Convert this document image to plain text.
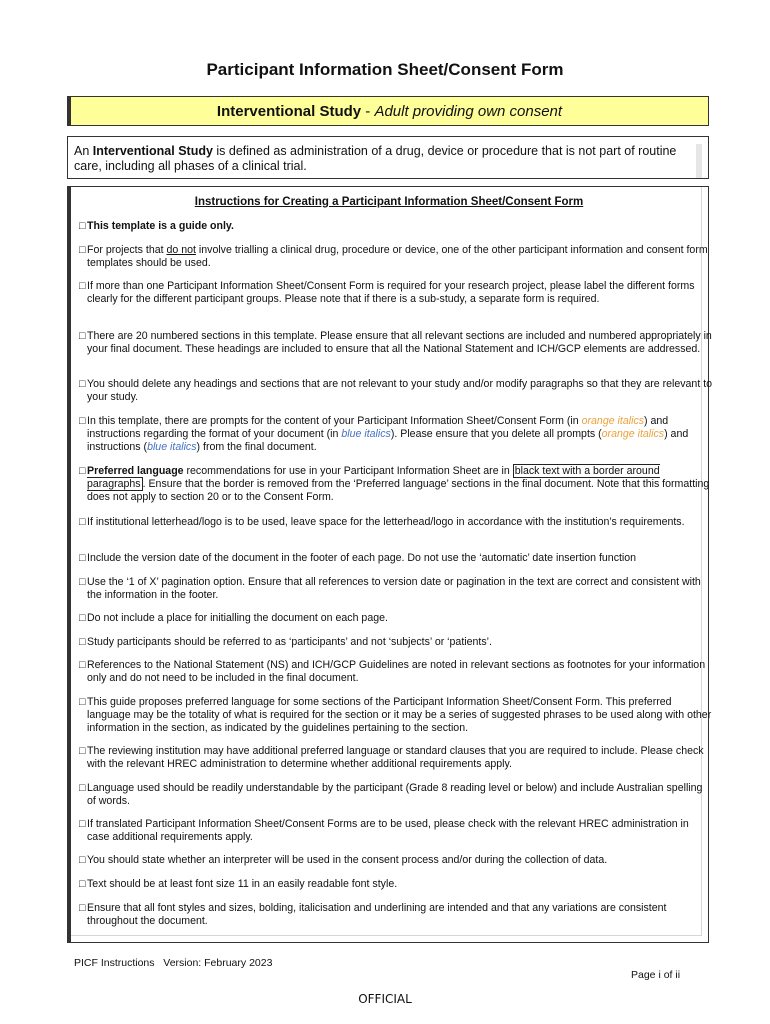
Participant Information Sheet/Consent Form
Interventional Study - Adult providing own consent
An Interventional Study is defined as administration of a drug, device or procedure that is not part of routine care, including all phases of a clinical trial.
Instructions for Creating a Participant Information Sheet/Consent Form
□ This template is a guide only.
□ For projects that do not involve trialling a clinical drug, procedure or device, one of the other participant information and consent form templates should be used.
□ If more than one Participant Information Sheet/Consent Form is required for your research project, please label the different forms clearly for the different participant groups. Please note that if there is a sub-study, a separate form is required.
□ There are 20 numbered sections in this template. Please ensure that all relevant sections are included and numbered appropriately in your final document. These headings are included to ensure that all the National Statement and ICH/GCP elements are addressed.
□ You should delete any headings and sections that are not relevant to your study and/or modify paragraphs so that they are relevant to your study.
□ In this template, there are prompts for the content of your Participant Information Sheet/Consent Form (in orange italics) and instructions regarding the format of your document (in blue italics). Please ensure that you delete all prompts (orange italics) and instructions (blue italics) from the final document.
□ Preferred language recommendations for use in your Participant Information Sheet are in black text with a border around paragraphs . Ensure that the border is removed from the ‘Preferred language’ sections in the final document. Note that this formatting does not apply to section 20 or to the Consent Form.
□ If institutional letterhead/logo is to be used, leave space for the letterhead/logo in accordance with the institution’s requirements.
□ Include the version date of the document in the footer of each page. Do not use the ‘automatic’ date insertion function
□ Use the ‘1 of X’ pagination option. Ensure that all references to version date or pagination in the text are correct and consistent with the information in the footer.
□ Do not include a place for initialling the document on each page.
□ Study participants should be referred to as ‘participants’ and not ‘subjects’ or ‘patients’.
□ References to the National Statement (NS) and ICH/GCP Guidelines are noted in relevant sections as footnotes for your information only and do not need to be included in the final document.
□ This guide proposes preferred language for some sections of the Participant Information Sheet/Consent Form. This preferred language may be the totality of what is required for the section or it may be a series of suggested phrases to be used along with other information in the section, as indicated by the guidelines pertaining to the section.
□ The reviewing institution may have additional preferred language or standard clauses that you are required to include. Please check with the relevant HREC administration to determine whether additional requirements apply.
□ Language used should be readily understandable by the participant (Grade 8 reading level or below) and include Australian spelling of words.
□ If translated Participant Information Sheet/Consent Forms are to be used, please check with the relevant HREC administration in case additional requirements apply.
□ You should state whether an interpreter will be used in the consent process and/or during the collection of data.
□ Text should be at least font size 11 in an easily readable font style.
□ Ensure that all font styles and sizes, bolding, italicisation and underlining are intended and that any variations are consistent throughout the document.
PICF Instructions   Version: February 2023
Page i of ii
OFFICIAL
